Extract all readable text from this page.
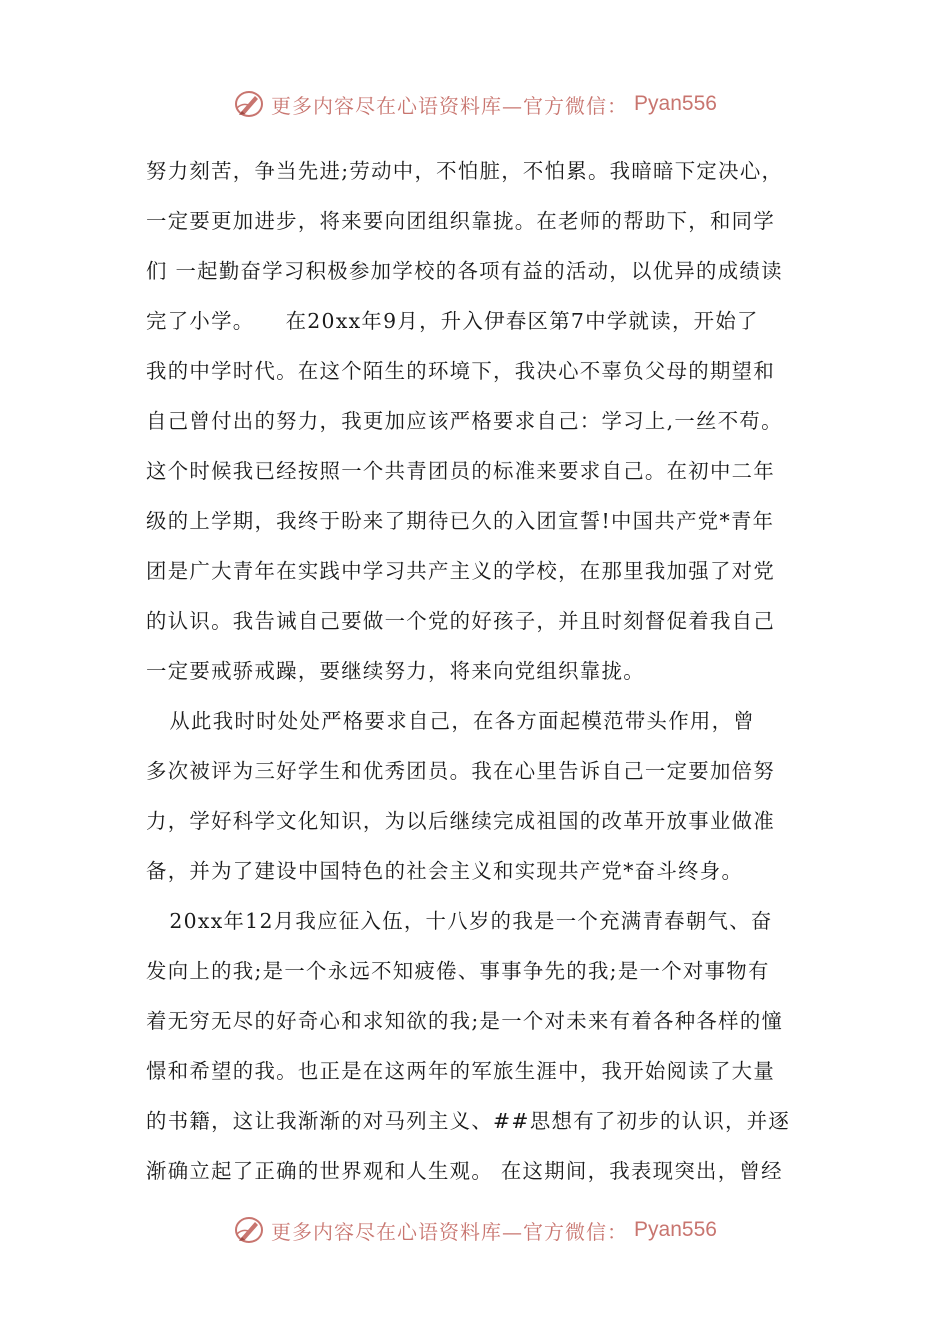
更多内容尽在心语资料库—官方微信： Pyan556
努力刻苦，争当先进;劳动中，不怕脏，不怕累。我暗暗下定决心，
一定要更加进步，将来要向团组织靠拢。在老师的帮助下，和同学
们 一起勤奋学习积极参加学校的各项有益的活动，以优异的成绩读
完了小学。    在20xx年9月，升入伊春区第7中学就读，开始了
我的中学时代。在这个陌生的环境下，我决心不辜负父母的期望和
自己曾付出的努力，我更加应该严格要求自己：学习上,一丝不苟。
这个时候我已经按照一个共青团员的标准来要求自己。在初中二年
级的上学期，我终于盼来了期待已久的入团宣誓!中国共产党*青年
团是广大青年在实践中学习共产主义的学校，在那里我加强了对党
的认识。我告诫自己要做一个党的好孩子，并且时刻督促着我自己
一定要戒骄戒躁，要继续努力，将来向党组织靠拢。
从此我时时处处严格要求自己，在各方面起模范带头作用，曾
多次被评为三好学生和优秀团员。我在心里告诉自己一定要加倍努
力，学好科学文化知识，为以后继续完成祖国的改革开放事业做准
备，并为了建设中国特色的社会主义和实现共产党*奋斗终身。
20xx年12月我应征入伍，十八岁的我是一个充满青春朝气、奋
发向上的我;是一个永远不知疲倦、事事争先的我;是一个对事物有
着无穷无尽的好奇心和求知欲的我;是一个对未来有着各种各样的憧
憬和希望的我。也正是在这两年的军旅生涯中，我开始阅读了大量
的书籍，这让我渐渐的对马列主义、##思想有了初步的认识，并逐
渐确立起了正确的世界观和人生观。 在这期间，我表现突出，曾经
更多内容尽在心语资料库—官方微信： Pyan556
